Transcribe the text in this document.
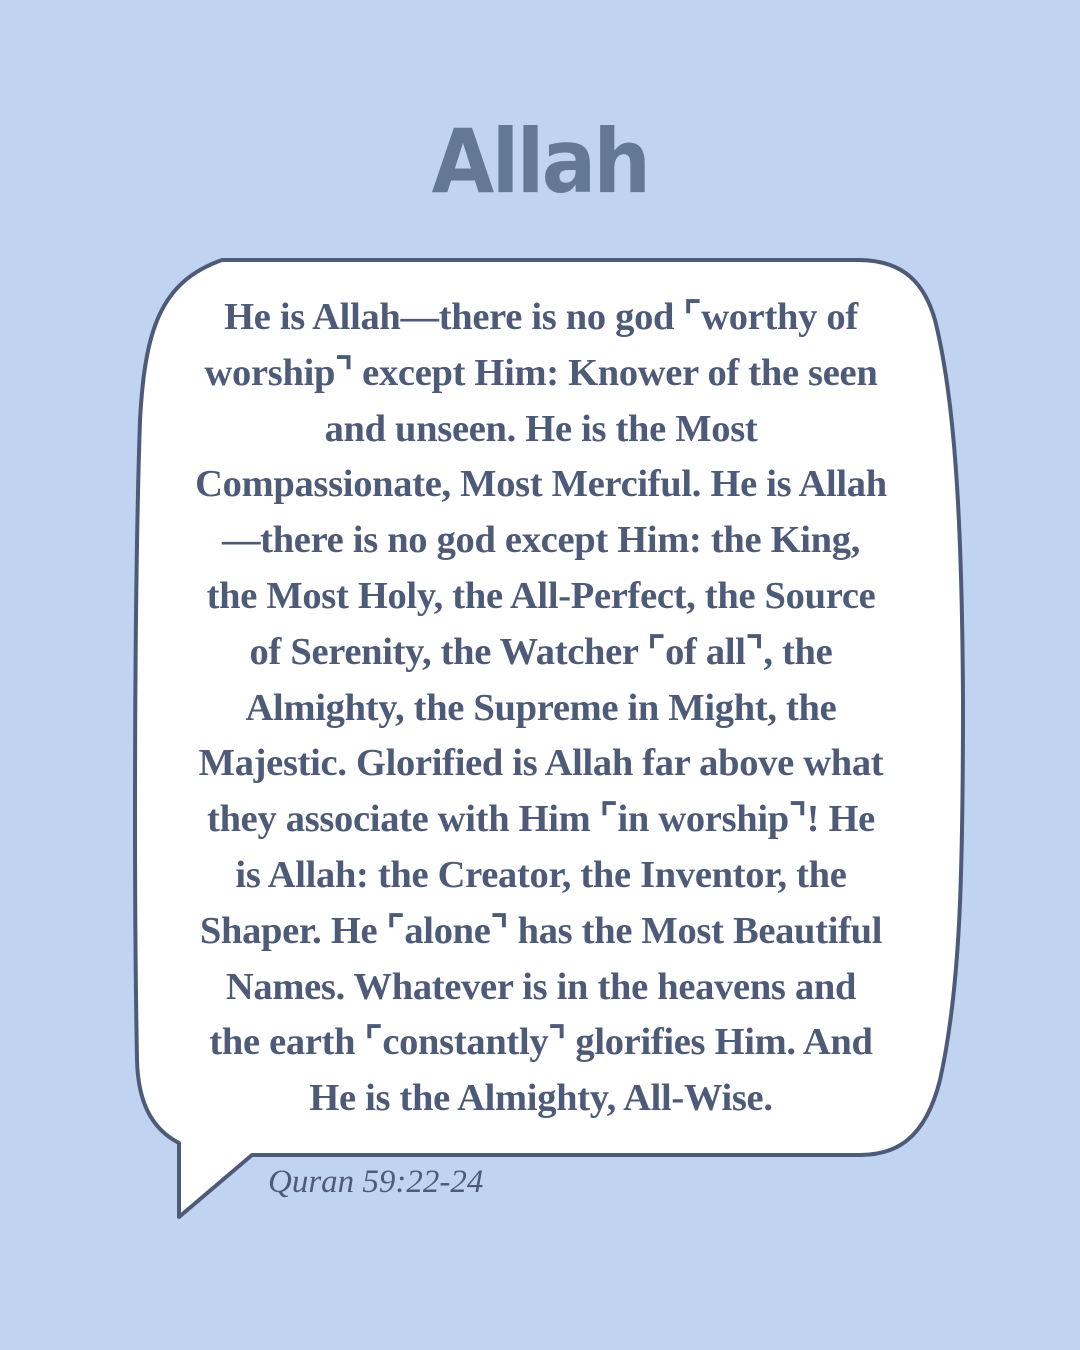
Allah
He is Allah—there is no god ⌜worthy of
worship⌝ except Him: Knower of the seen
and unseen. He is the Most
Compassionate, Most Merciful. He is Allah
—there is no god except Him: the King,
the Most Holy, the All-Perfect, the Source
of Serenity, the Watcher ⌜of all⌝, the
Almighty, the Supreme in Might, the
Majestic. Glorified is Allah far above what
they associate with Him ⌜in worship⌝! He
is Allah: the Creator, the Inventor, the
Shaper. He ⌜alone⌝ has the Most Beautiful
Names. Whatever is in the heavens and
the earth ⌜constantly⌝ glorifies Him. And
He is the Almighty, All-Wise.
Quran 59:22-24
